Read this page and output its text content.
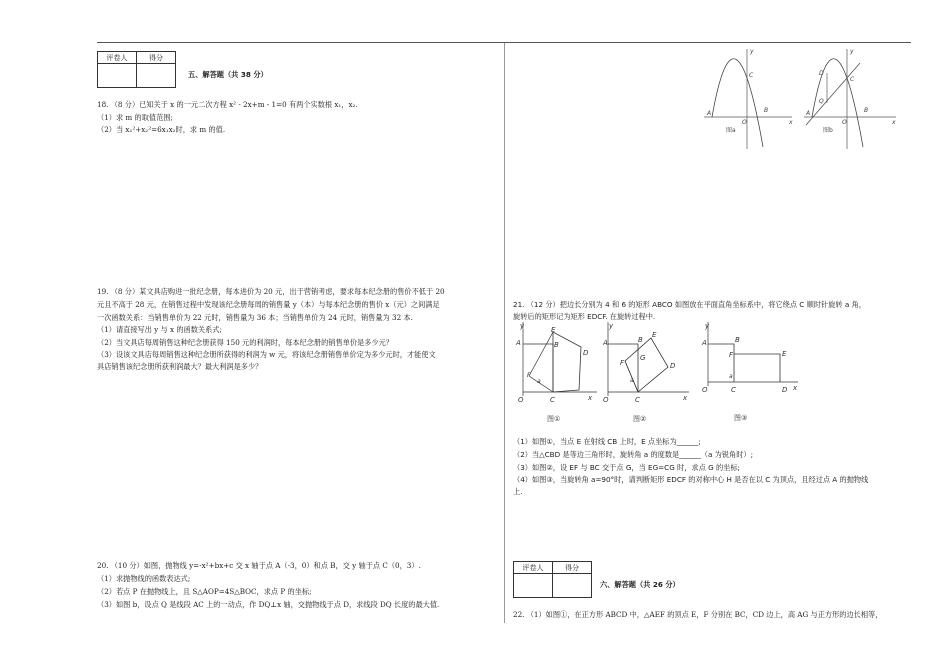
评卷人	得分

五、解答题（共 38 分）
18. （8 分）已知关于 x 的一元二次方程 x² - 2x+m - 1=0 有两个实数根 x₁，x₂.
（1）求 m 的取值范围;
（2）当 x₁²+x₂²=6x₁x₂时，求 m 的值.
19. （8 分）某文具店购进一批纪念册，每本进价为 20 元，出于营销考虑，要求每本纪念册的售价不低于 20
元且不高于 28 元，在销售过程中发现该纪念册每周的销售量 y（本）与每本纪念册的售价 x（元）之间满足
一次函数关系：当销售单价为 22 元时，销售量为 36 本；当销售单价为 24 元时，销售量为 32 本.
（1）请直接写出 y 与 x 的函数关系式;
（2）当文具店每周销售这种纪念册获得 150 元的利润时，每本纪念册的销售单价是多少元？
（3）设该文具店每周销售这种纪念册所获得的利润为 w 元，将该纪念册销售单价定为多少元时，才能使文
具店销售该纪念册所获利润最大？最大利润是多少？
20. （10 分）如图，抛物线 y=-x²+bx+c 交 x 轴于点 A（-3，0）和点 B，交 y 轴于点 C（0，3）.
（1）求抛物线的函数表达式;
（2）若点 P 在抛物线上，且 S△AOP=4S△BOC，求点 P 的坐标;
（3）如图 b，设点 Q 是线段 AC 上的一动点，作 DQ⊥x 轴，交抛物线于点 D，求线段 DQ 长度的最大值.
y
C
A
O
B
x
图a
y
D
C
Q
A
O
B
x
图b
21. （12 分）把边长分别为 4 和 6 的矩形 ABCO 如图放在平面直角坐标系中，将它绕点 C 顺时针旋转 a 角，
旋转后的矩形记为矩形 EDCF. 在旋转过程中.
y	E
A	B
D
F
a
O	C	x
图①
y
A	B
E
G
F	D
a
O	C	x
图②
y
A	B
E
F
a
O	C	D x
图③
（1）如图①，当点 E 在射线 CB 上时，E 点坐标为______;
（2）当△CBD 是等边三角形时，旋转角 a 的度数是______（a 为锐角时）;
（3）如图②，设 EF 与 BC 交于点 G，当 EG=CG 时，求点 G 的坐标;
（4）如图③，当旋转角 a=90°时，请判断矩形 EDCF 的对称中心 H 是否在以 C 为顶点，且经过点 A 的抛物线
上.
评卷人	得分

六、解答题（共 26 分）
22. （1）如图①，在正方形 ABCD 中，△AEF 的顶点 E，F 分别在 BC，CD 边上，高 AG 与正方形的边长相等，
